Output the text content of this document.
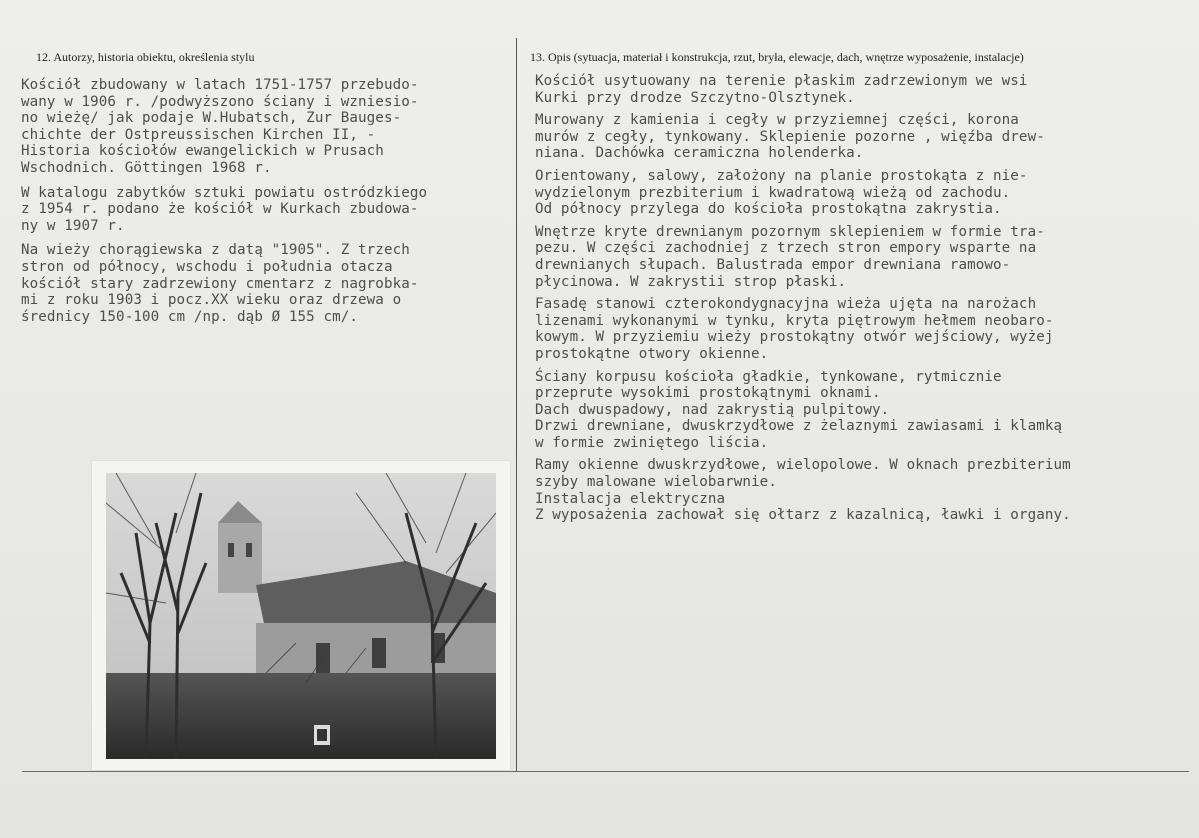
12. Autorzy, historia obiektu, określenia stylu	13. Opis (sytuacja, materiał i konstrukcja, rzut, bryła, elewacje, dach, wnętrze wyposażenie, instalacje)
Kościół zbudowany w latach 1751-1757 przebudo-
wany w 1906 r. /podwyższono ściany i wzniesio-
no wieżę/ jak podaje W.Hubatsch, Zur Bauges-
chichte der Ostpreussischen Kirchen II, -
Historia kościołów ewangelickich w Prusach
Wschodnich. Göttingen 1968 r.
W katalogu zabytków sztuki powiatu ostródzkiego
z 1954 r. podano że kościół w Kurkach zbudowa-
ny w 1907 r.
Na wieży chorągiewska z datą "1905". Z trzech
stron od północy, wschodu i południa otacza
kościół stary zadrzewiony cmentarz z nagrobka-
mi z roku 1903 i pocz.XX wieku oraz drzewa o
średnicy 150-100 cm /np. dąb Ø 155 cm/.
Kościół usytuowany na terenie płaskim zadrzewionym we wsi
Kurki przy drodze Szczytno-Olsztynek.
Murowany z kamienia i cegły w przyziemnej części, korona
murów z cegły, tynkowany. Sklepienie pozorne , więźba drew-
niana. Dachówka ceramiczna holenderka.
Orientowany, salowy, założony na planie prostokąta z nie-
wydzielonym prezbiterium i kwadratową wieżą od zachodu.
Od północy przylega do kościoła prostokątna zakrystia.
Wnętrze kryte drewnianym pozornym sklepieniem w formie tra-
pezu. W części zachodniej z trzech stron empory wsparte na
drewnianych słupach. Balustrada empor drewniana ramowo-
płycinowa. W zakrystii strop płaski.
Fasadę stanowi czterokondygnacyjna wieża ujęta na narożach
lizenami wykonanymi w tynku, kryta piętrowym hełmem neobaro-
kowym. W przyziemiu wieży prostokątny otwór wejściowy, wyżej
prostokątne otwory okienne.
Ściany korpusu kościoła gładkie, tynkowane, rytmicznie
przeprute wysokimi prostokątnymi oknami.
Dach dwuspadowy, nad zakrystią pulpitowy.
Drzwi drewniane, dwuskrzydłowe z żelaznymi zawiasami i klamką
w formie zwiniętego liścia.
Ramy okienne dwuskrzydłowe, wielopolowe. W oknach prezbiterium
szyby malowane wielobarwnie.
Instalacja elektryczna
Z wyposażenia zachował się ołtarz z kazalnicą, ławki i organy.
